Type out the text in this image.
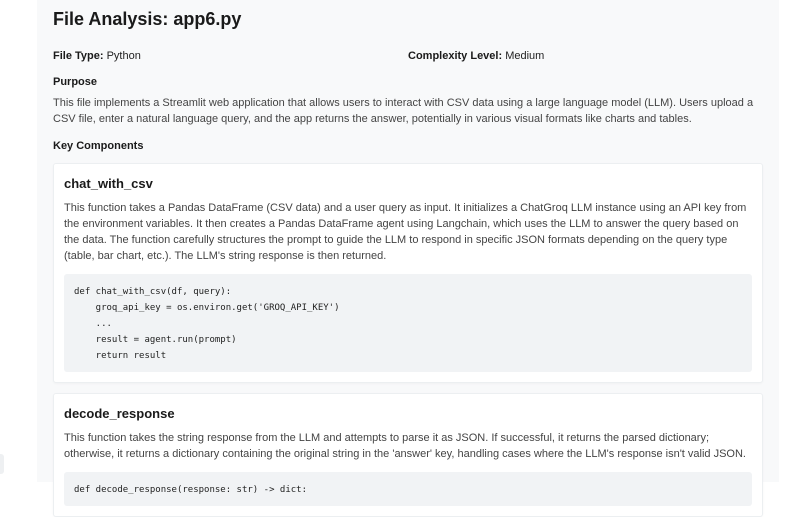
File Analysis: app6.py
File Type: Python	Complexity Level: Medium
Purpose
This file implements a Streamlit web application that allows users to interact with CSV data using a large language model (LLM). Users upload a CSV file, enter a natural language query, and the app returns the answer, potentially in various visual formats like charts and tables.
Key Components
chat_with_csv
This function takes a Pandas DataFrame (CSV data) and a user query as input. It initializes a ChatGroq LLM instance using an API key from the environment variables. It then creates a Pandas DataFrame agent using Langchain, which uses the LLM to answer the query based on the data. The function carefully structures the prompt to guide the LLM to respond in specific JSON formats depending on the query type (table, bar chart, etc.). The LLM's string response is then returned.
def chat_with_csv(df, query):
groq_api_key = os.environ.get('GROQ_API_KEY')
...
result = agent.run(prompt)
return result
decode_response
This function takes the string response from the LLM and attempts to parse it as JSON. If successful, it returns the parsed dictionary; otherwise, it returns a dictionary containing the original string in the 'answer' key, handling cases where the LLM's response isn't valid JSON.
def decode_response(response: str) -> dict:
